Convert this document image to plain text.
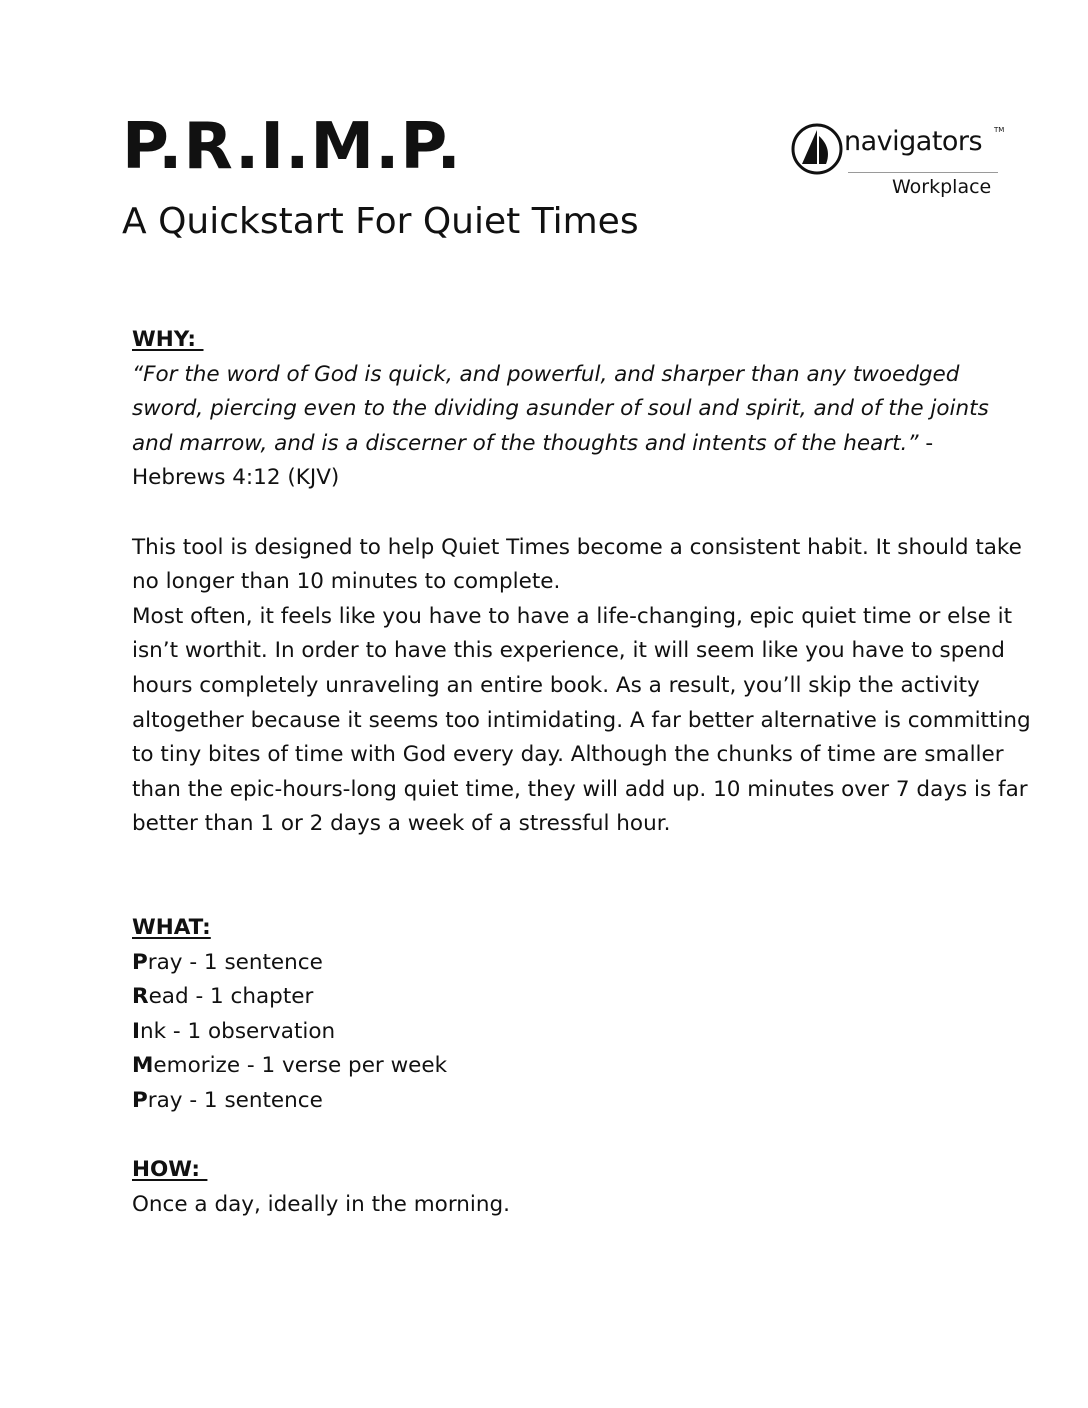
P.R.I.M.P.
A Quickstart For Quiet Times
navigators TM
Workplace
WHY:

“For the word of God is quick, and powerful, and sharper than any twoedged sword, piercing even to the dividing asunder of soul and spirit, and of the joints and marrow, and is a discerner of the thoughts and intents of the heart.” - Hebrews 4:12 (KJV)

This tool is designed to help Quiet Times become a consistent habit. It should take no longer than 10 minutes to complete.

Most often, it feels like you have to have a life-changing, epic quiet time or else it isn’t worthit. In order to have this experience, it will seem like you have to spend hours completely unraveling an entire book. As a result, you’ll skip the activity altogether because it seems too intimidating. A far better alternative is committing to tiny bites of time with God every day. Although the chunks of time are smaller than the epic-hours-long quiet time, they will add up. 10 minutes over 7 days is far better than 1 or 2 days a week of a stressful hour.

WHAT:
Pray - 1 sentence
Read - 1 chapter
Ink - 1 observation
Memorize - 1 verse per week
Pray - 1 sentence
HOW:

Once a day, ideally in the morning.
